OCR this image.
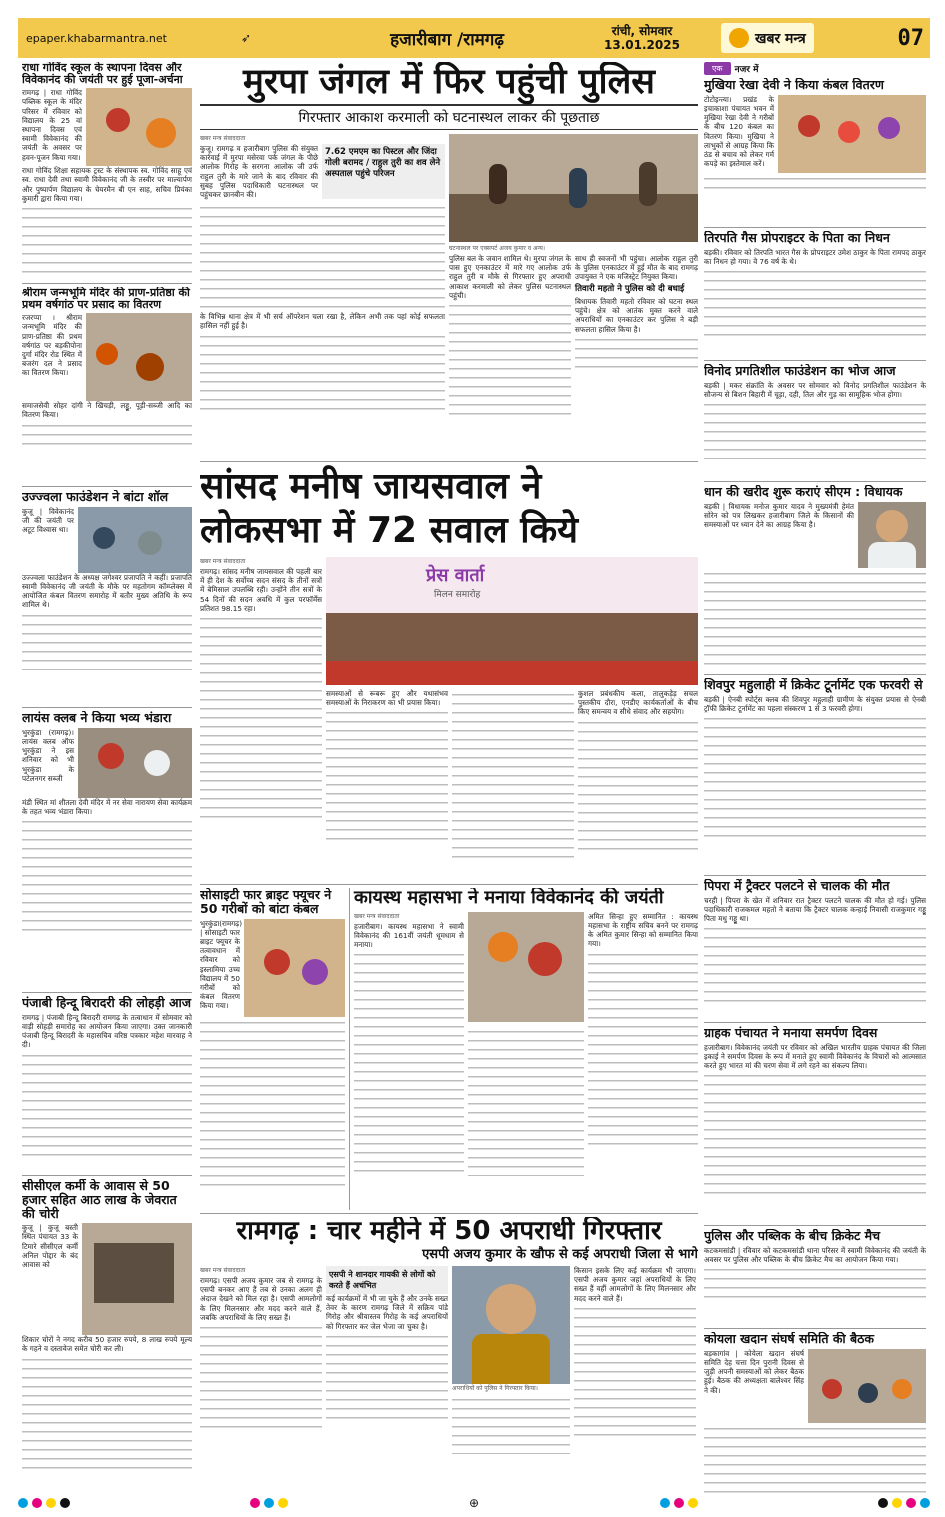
epaper.khabarmantra.net	➶	हजारीबाग /रामगढ़	रांची, सोमवार
13.01.2025	खबर मन्त्र	07
राधा गोविंद स्कूल के स्थापना दिवस और विवेकानंद की जयंती पर हुई पूजा-अर्चना
रामगढ़ | राधा गोविंद पब्लिक स्कूल के मंदिर परिसर में रविवार को विद्यालय के 25 वां स्थापना दिवस एवं स्वामी विवेकानंद की जयंती के अवसर पर हवन-पूजन किया गया।
राधा गोविंद शिक्षा सहायक ट्रस्ट के संस्थापक स्व. गोविंद साहू एवं स्व. राधा देवी तथा स्वामी विवेकानंद जी के तस्वीर पर माल्यार्पण और पुष्पार्पण विद्यालय के चेयरमैन बी एन साह, सचिव प्रियंका कुमारी द्वारा किया गया।
श्रीराम जन्मभूमि मंदिर की प्राण-प्रतिष्ठा की प्रथम वर्षगांठ पर प्रसाद का वितरण
रजरप्पा । श्रीराम जन्मभूमि मंदिर की प्राण-प्रतिष्ठा की प्रथम वर्षगांठ पर बड़कीपोना दुर्गा मंदिर रोड स्थित में बजरंग दल ने प्रसाद का वितरण किया।
समाजसेवी सोहर दांगी ने खिचड़ी, लड्डू, पूड़ी-सब्जी आदि का वितरण किया।
उज्ज्वला फाउंडेशन ने बांटा शॉल
कुजू | विवेकानंद जी की जयंती पर अटूट विश्वास था।
उज्ज्वला फाउंडेशन के अध्यक्ष जगेश्वर प्रजापति ने कहीं। प्रजापति स्वामी विवेकानंद जी जयंती के मौके पर महतोगम कॉम्प्लेक्स में आयोजित कंबल वितरण समारोह में बतौर मुख्य अतिथि के रूप शामिल थे।
लायंस क्लब ने किया भव्य भंडारा
भुरकुंडा (रामगढ़)। लायंस क्लब ऑफ भुरकुंडा ने इस शनिवार को भी भुरकुंडा के पटेलनगर सब्जी
मंडी स्थित मां शीतला देवी मंदिर में नर सेवा नारायण सेवा कार्यक्रम के तहत भव्य भंडारा किया।
पंजाबी हिन्दू बिरादरी की लोहड़ी आज
रामगढ़ | पंजाबी हिन्दू बिरादरी रामगढ़ के तत्वाधान में सोमवार को वाड़ी सोहड़ी समारोह का आयोजन किया जाएगा। उक्त जानकारी पंजाबी हिन्दू बिरादरी के महासचिव वरिष्ठ पत्रकार महेश मारवाह ने दी।
सीसीएल कर्मी के आवास से 50 हजार सहित आठ लाख के जेवरात की चोरी
कुजू | कुजू बस्ती स्थित पंचायत 33 के टिमारे सीसीएल कर्मी अनिल पोद्दार के बंद आवास को
शिकार चोरों ने नगद करीब 50 हजार रुपये, 8 लाख रुपये मूल्य के गहने व दस्तावेज समेत चोरी कर ली।
मुरपा जंगल में फिर पहुंची पुलिस
गिरफ्तार आकाश करमाली को घटनास्थल लाकर की पूछताछ
खबर मन्त्र संवाददाता
कुजू। रामगढ़ व हजारीबाग पुलिस की संयुक्त कार्रवाई में मुरपा मसेरवा पर्क जंगल के पीछे आलोक गिरोह के सरगना आलोक जी उर्फ राहुल तुरी के मारे जाने के बाद रविवार की सुबह पुलिस पदाधिकारी घटनास्थल पर पहुंचकर छानबीन की।
7.62 एमएम का पिस्टल और जिंदा गोली बरामद / राहुल तुरी का शव लेने अस्पताल पहुंचे परिजन
के विभिन्न थाना क्षेत्र में भी सर्च ऑपरेशन चला रखा है, लेकिन अभी तक पहां कोई सफलता हासिल नहीं हुई है।
घटनास्थल पर एक्सपर्ट अजय कुमार व अन्य।
पुलिस बल के जवान शामिल थे। मुरपा जंगल के पास हुए एनकाउंटर में मारे गए आलोक उर्फ राहुल तुरी व मौके से गिरफ्तार हुए अपराधी आकाश करमाली को लेकर पुलिस घटनास्थल पहुंची।
साथ ही स्वजनों भी पहुंचा। आलोक राहुल तुरी के पुलिस एनकाउंटर में हुई मौत के बाद रामगढ़ उपायुक्त ने एक मजिस्ट्रेट नियुक्त किया।
तिवारी महतो ने पुलिस को दी बधाई
बिधायक तिवारी महतो रविवार को घटना स्थल पहुंचे। क्षेत्र को आतंक मुक्त करने वाले अपराधियों का एनकाउंटर कर पुलिस ने बड़ी सफलता हासिल किया है।
सांसद मनीष जायसवाल ने लोकसभा में 72 सवाल किये
खबर मन्त्र संवाददाता
रामगढ़। सांसद मनीष जायसवाल की पहली बार में ही देश के सर्वोच्च सदन संसद के तीनों सत्रों में बेमिसाल उपलब्धि रही। उन्होंने तीन सत्रों के 54 दिनों की सदन अवधि में कुल परफॉर्मेंस प्रतिशत 98.15 रहा।
प्रेस वार्ता
मिलन समारोह
समस्याओं से रूबरू हुए और यथासंभव समस्याओं के निराकरण का भी प्रयास किया।
कुशल प्रबंधकीय कला, तालुकड़ेड़ सचल पुस्तकीय दौरा, एनडीए कार्यकर्ताओं के बीच किए समन्वय व सीधे संवाद और सहयोग।
सोसाइटी फार ब्राइट फ्यूचर ने 50 गरीबों को बांटा कंबल
भुरकुंडा(रामगढ़) | सोसाइटी फार ब्राइट फ्यूचर के तत्वावधान में रविवार को इस्लामिया उच्च विद्यालय में 50 गरीबों को कंबल वितरण किया गया।
कायस्थ महासभा ने मनाया विवेकानंद की जयंती
खबर मन्त्र संवाददाता
हजारीबाग। कायस्थ महासभा ने स्वामी विवेकानंद की 161वीं जयंती धूमधाम से मनाया।
अमित सिन्हा हुए सम्मानित : कायस्थ महासभा के राष्ट्रीय सचिव बनने पर रामगढ़ के अमित कुमार सिन्हा को सम्मानित किया गया।
रामगढ़ : चार महीने में 50 अपराधी गिरफ्तार
एसपी अजय कुमार के खौफ से कई अपराधी जिला से भागे
खबर मन्त्र संवाददाता
रामगढ़। एसपी अजय कुमार जब से रामगढ़ के एसपी बनकर आए हैं तब से उनका अलग ही अंदाज देखने को मिल रहा है। एसपी आमलोगों के लिए मिलनसार और मदद करने वाले हैं, जबकि अपराधियों के लिए सख्त हैं।
एसपी ने शानदार गायकी से लोगों को करते हैं अचंभित
कई कार्यक्रमों में भी जा चुके हैं और उनके सख्त तेवर के कारण रामगढ़ जिले में सक्रिय पांडे गिरोह और श्रीवास्तव गिरोह के कई अपराधियों को गिरफ्तार कर जेल भेजा जा चुका है।
अपराधियों को पुलिस ने गिरफ्तार किया।
किसान इसके लिए कई कार्यक्रम भी जाएगा। एसपी अजय कुमार जहां अपराधियों के लिए सख्त हैं वहीं आमलोगों के लिए मिलनसार और मदद करने वाले हैं।
एक	नजर में
मुखिया रेखा देवी ने किया कंबल वितरण
टोटोइन्त्या। प्रखंड के इचाकाशा पंचायत भवन में मुखिया रेखा देवी ने गरीबों के बीच 120 कंबल का वितरण किया। मुखिया ने लाभुकों से आग्रह किया कि ठंड से बचाव को लेकर गर्म कपड़े का इस्तेमाल करें।
तिरपति गैस प्रोपराइटर के पिता का निधन
बड़की। रविवार को तिरपति भारत गैस के प्रोपराइटर उमेश ठाकुर के पिता रामपद ठाकुर का निधन हो गया। वे 76 वर्ष के थे।
विनोद प्रगतिशील फाउंडेशन का भोज आज
बड़की | मकर संक्रांति के अवसर पर सोमवार को विनोद प्रगतिशील फाउंडेशन के सौजन्य से बिशन बिहारी में चूड़ा, दही, तिल और गुड़ का सामूहिक भोज होगा।
धान की खरीद शुरू कराएं सीएम : विधायक
बड़की | विधायक मनोज कुमार यादव ने मुख्यमंत्री हेमंत सोरेन को पत्र लिखकर हजारीबाग जिले के किसानों की समस्याओं पर ध्यान देने का आग्रह किया है।
शिवपुर महुलाही में क्रिकेट टूर्नामेंट एक फरवरी से
बड़की | ऐनबी स्पोर्ट्स क्लब की शिवपुर महुलाही ग्रामीण के संयुक्त प्रयास से ऐनबी ट्रॉफी क्रिकेट टूर्नामेंट का पहला संस्करण 1 से 3 फरवरी होगा।
पिपरा में ट्रैक्टर पलटने से चालक की मौत
चरही | पिपरा के खेत में शनिवार रात ट्रैक्टर पलटने चालक की मौत हो गई। पुलिस पदाधिकारी राजकमल महतो ने बताया कि ट्रैक्टर चालक कन्हाई निवासी राजकुमार गड्डू पिता मधु गड्डू था।
ग्राहक पंचायत ने मनाया समर्पण दिवस
हजारीबाग। विवेकानंद जयंती पर रविवार को अखिल भारतीय ग्राहक पंचायत की जिला इकाई ने समर्पण दिवस के रूप में मनाते हुए स्वामी विवेकानंद के विचारों को आत्मसात करते हुए भारत मां की चरण सेवा में लगे रहने का संकल्प लिया।
पुलिस और पब्लिक के बीच क्रिकेट मैच
कटकमसांडी | रविवार को कटकमसांडी थाना परिसर में स्वामी विवेकानंद की जयंती के अवसर पर पुलिस और पब्लिक के बीच क्रिकेट मैच का आयोजन किया गया।
कोयला खदान संघर्ष समिति की बैठक
बड़कागांव | कोयेला खदान संघर्ष समिति देह चत्ता दिन पुरानी दिवस से जुड़ी अपनी समस्याओं को लेकर बैठक हुई। बैठक की अध्यक्षता बालेश्वर सिंह ने की।
⊕
